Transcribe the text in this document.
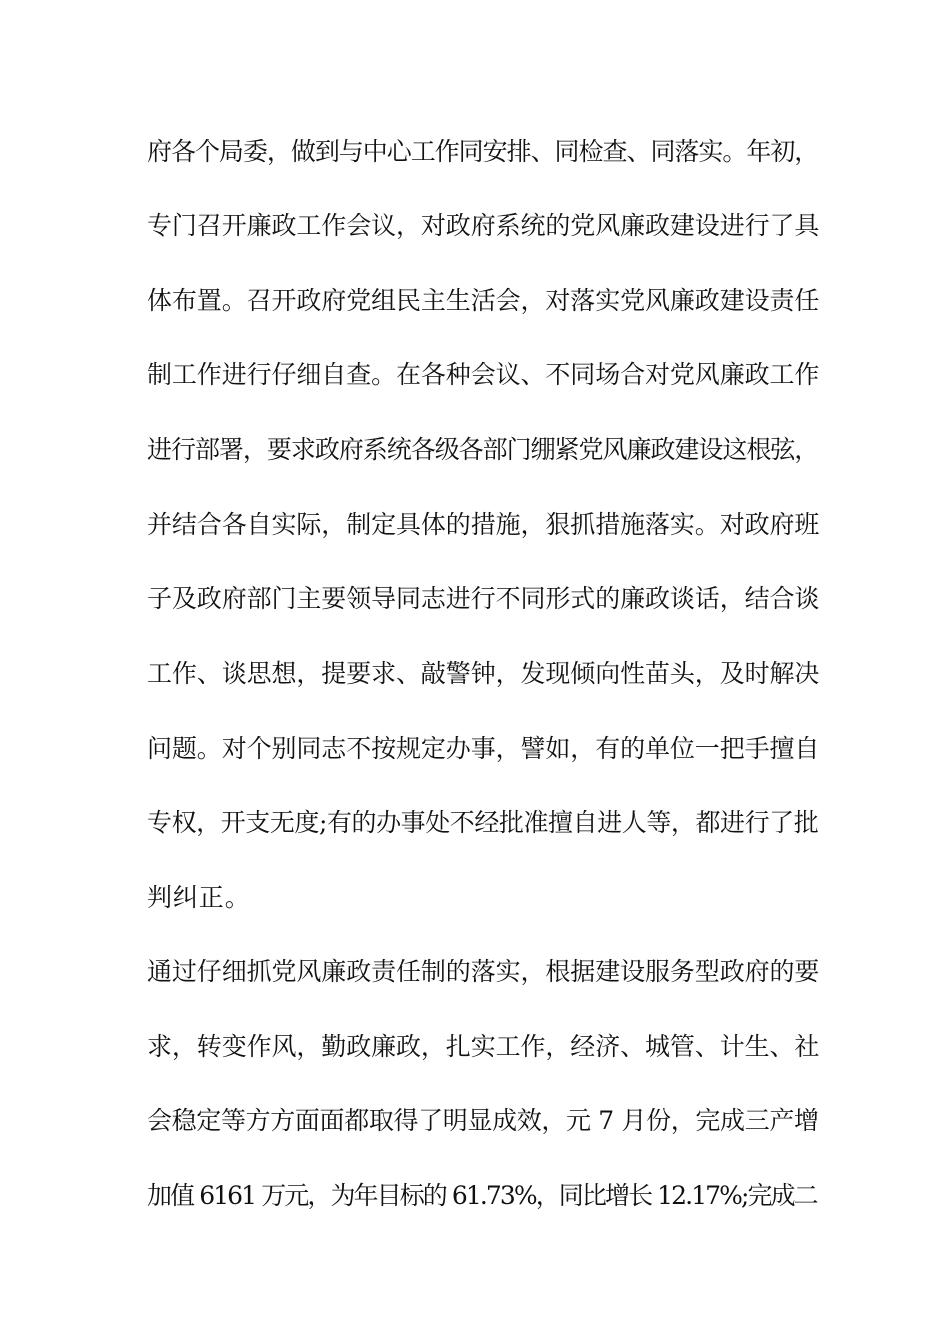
府各个局委，做到与中心工作同安排、同检查、同落实。年初，
专门召开廉政工作会议，对政府系统的党风廉政建设进行了具
体布置。召开政府党组民主生活会，对落实党风廉政建设责任
制工作进行仔细自查。在各种会议、不同场合对党风廉政工作
进行部署，要求政府系统各级各部门绷紧党风廉政建设这根弦，
并结合各自实际，制定具体的措施，狠抓措施落实。对政府班
子及政府部门主要领导同志进行不同形式的廉政谈话，结合谈
工作、谈思想，提要求、敲警钟，发现倾向性苗头，及时解决
问题。对个别同志不按规定办事，譬如，有的单位一把手擅自
专权，开支无度;有的办事处不经批准擅自进人等，都进行了批
判纠正。
通过仔细抓党风廉政责任制的落实，根据建设服务型政府的要
求，转变作风，勤政廉政，扎实工作，经济、城管、计生、社
会稳定等方方面面都取得了明显成效，元 7 月份，完成三产增
加值 6161 万元，为年目标的 61.73%，同比增长 12.17%;完成二
